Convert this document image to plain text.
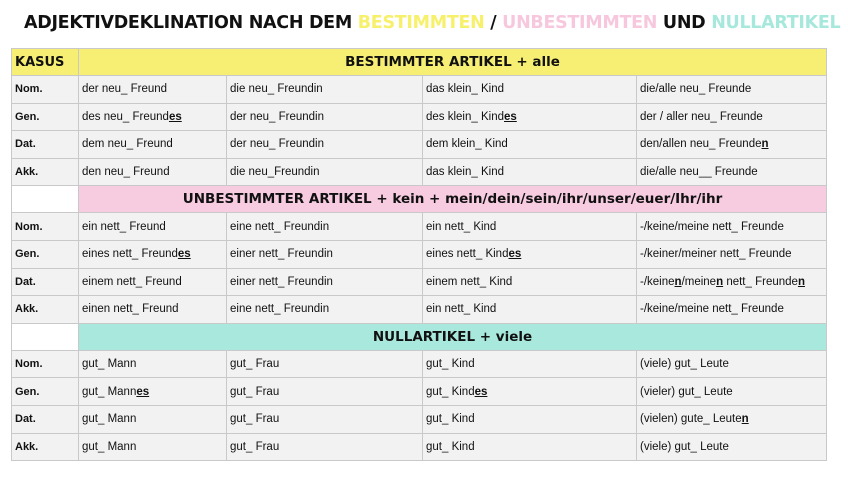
ADJEKTIVDEKLINATION NACH DEM BESTIMMTEN / UNBESTIMMTEN UND NULLARTIKEL
KASUS	BESTIMMTER ARTIKEL + alle			
Nom.	der neu_ Freund	die neu_ Freundin	das klein_ Kind	die/alle neu_ Freunde
Gen.	des neu_ Freundes	der neu_ Freundin	des klein_ Kindes	der / aller neu_ Freunde
Dat.	dem neu_ Freund	der neu_ Freundin	dem klein_ Kind	den/allen neu_ Freunden
Akk.	den neu_ Freund	die neu_Freundin	das klein_ Kind	die/alle neu__ Freunde
	UNBESTIMMTER ARTIKEL + kein + mein/dein/sein/ihr/unser/euer/Ihr/ihr			
Nom.	ein nett_ Freund	eine nett_ Freundin	ein nett_ Kind	-/keine/meine nett_ Freunde
Gen.	eines nett_ Freundes	einer nett_ Freundin	eines nett_ Kindes	-/keiner/meiner nett_ Freunde
Dat.	einem nett_ Freund	einer nett_ Freundin	einem nett_ Kind	-/keinen/meinen nett_ Freunden
Akk.	einen nett_ Freund	eine nett_ Freundin	ein nett_ Kind	-/keine/meine nett_ Freunde
	NULLARTIKEL + viele			
Nom.	gut_ Mann	gut_ Frau	gut_ Kind	(viele) gut_ Leute
Gen.	gut_ Mannes	gut_ Frau	gut_ Kindes	(vieler) gut_ Leute
Dat.	gut_ Mann	gut_ Frau	gut_ Kind	(vielen) gute_ Leuten
Akk.	gut_ Mann	gut_ Frau	gut_ Kind	(viele) gut_ Leute
